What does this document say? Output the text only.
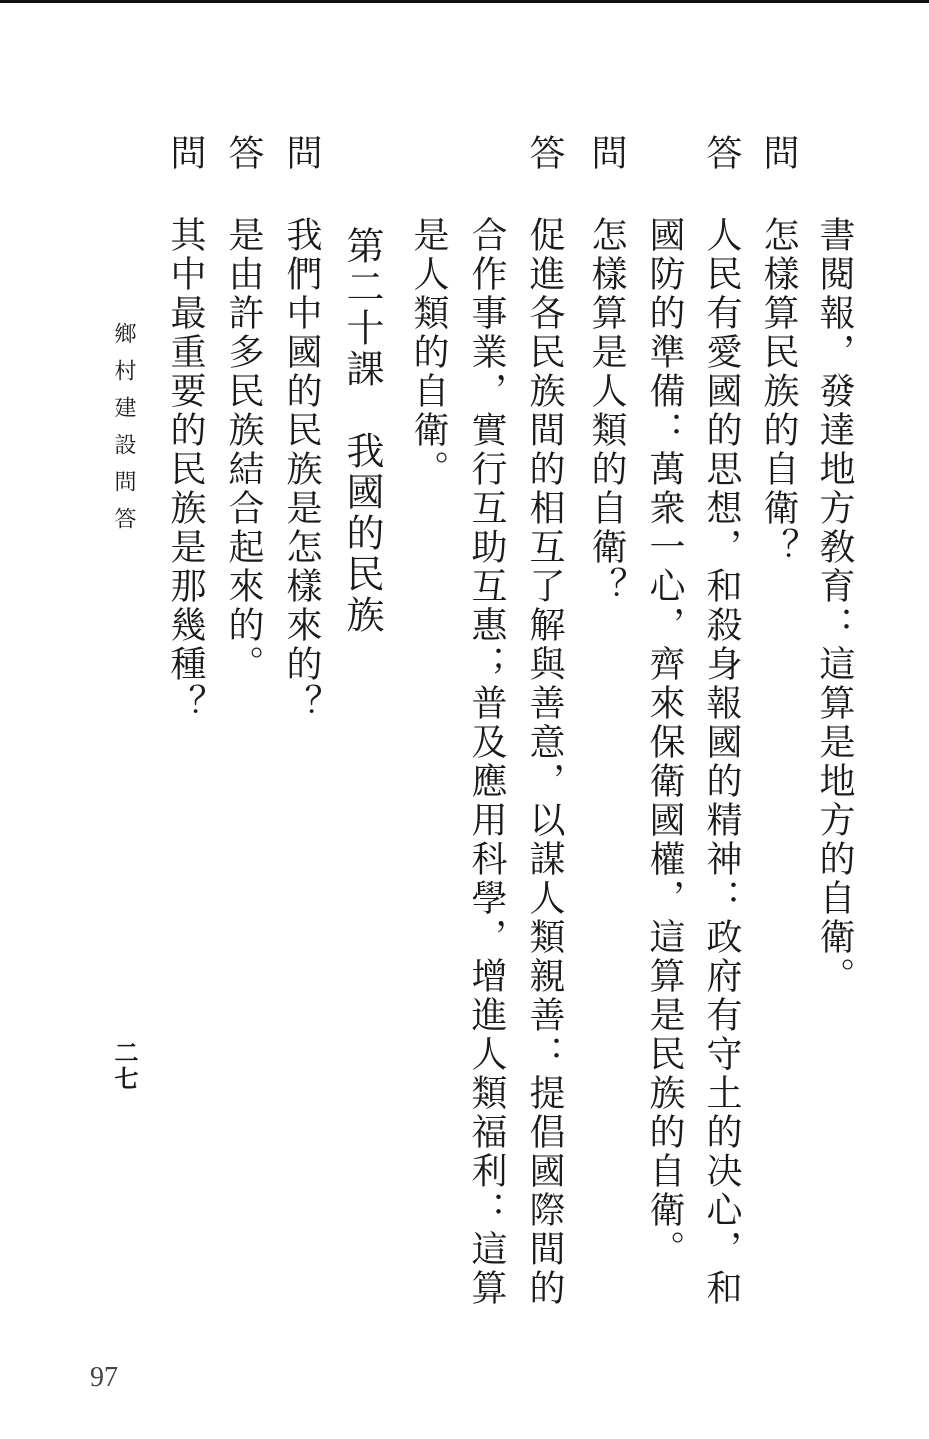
問
書閱報，發達地方敎育：這算是地方的自衛。
怎樣算民族的自衛？
答
人民有愛國的思想，和殺身報國的精神：政府有守土的决心，和
國防的準備：萬衆一心，齊來保衛國權，這算是民族的自衛。
問
怎樣算是人類的自衛？
答
促進各民族間的相互了解與善意，以謀人類親善：提倡國際間的
合作事業，實行互助互惠；普及應用科學，增進人類福利：這算
是人類的自衛。
第二十課　我國的民族
問
我們中國的民族是怎樣來的？
答
是由許多民族結合起來的。
問
其中最重要的民族是那幾種？
鄉村建設問答
二七
97
